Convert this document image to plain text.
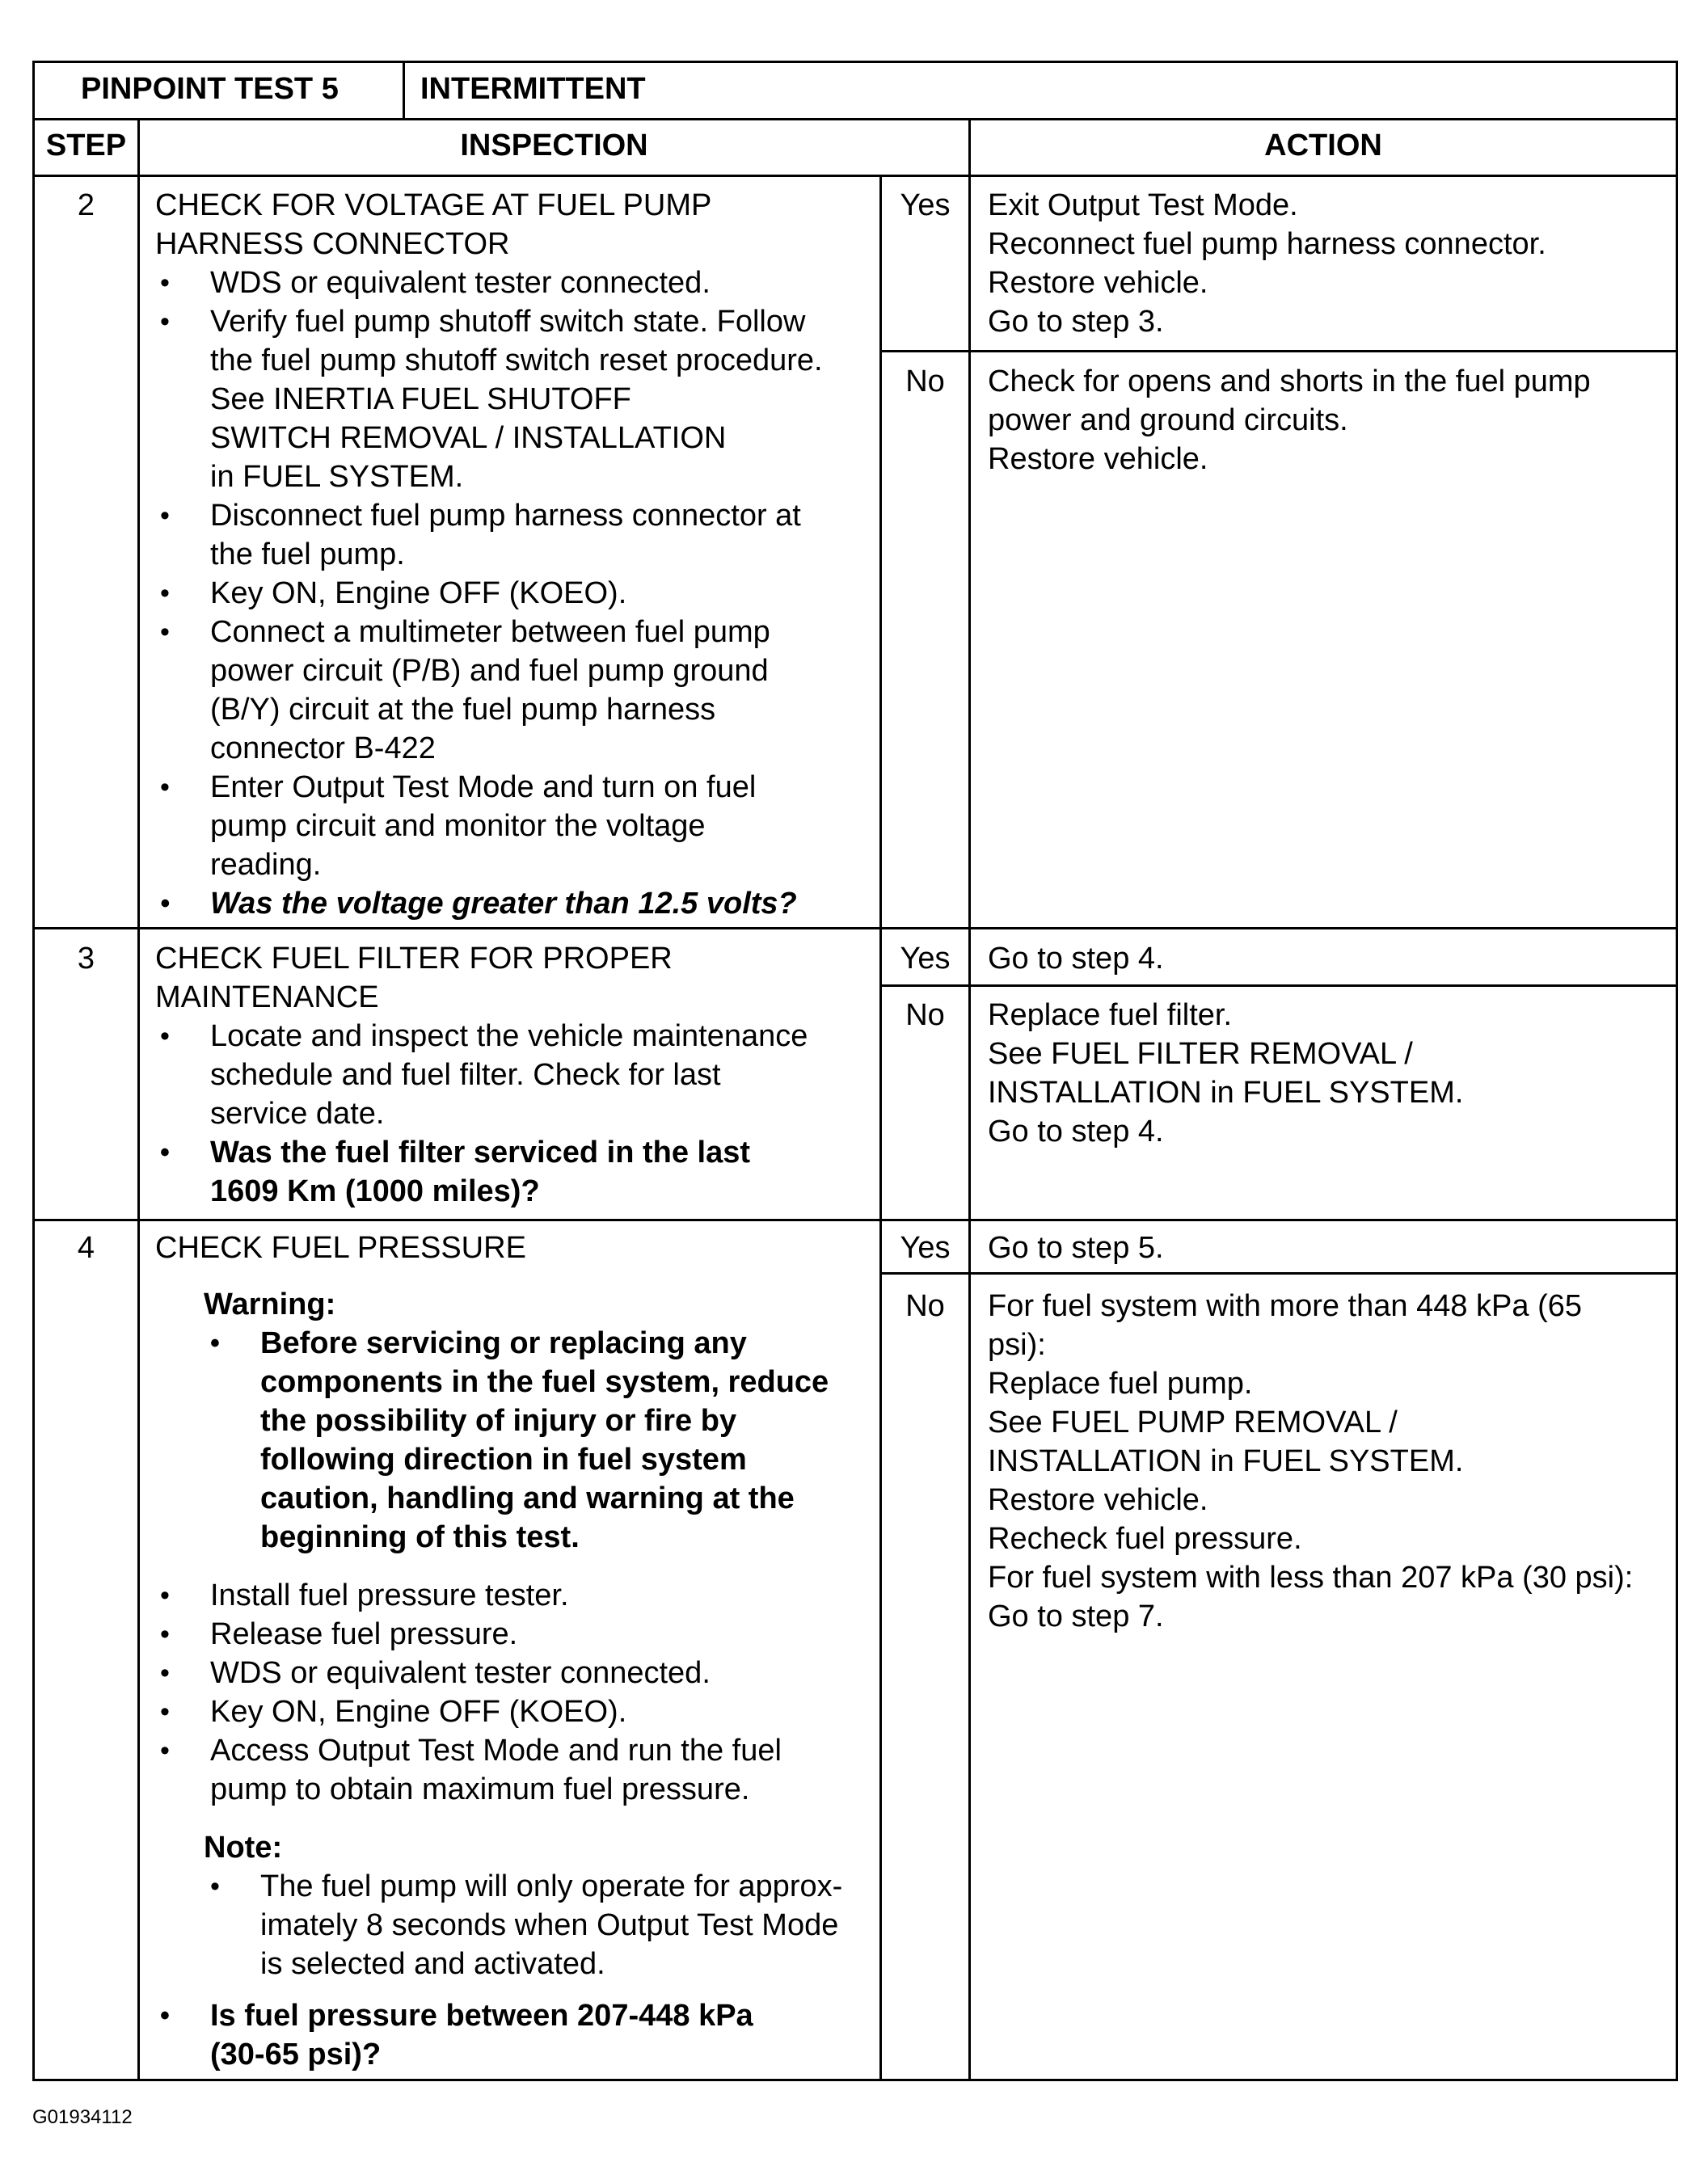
PINPOINT TEST 5	INTERMITTENT
STEP	INSPECTION	ACTION
2	CHECK FOR VOLTAGE AT FUEL PUMP
HARNESS CONNECTOR
• WDS or equivalent tester connected.
• Verify fuel pump shutoff switch state. Follow
the fuel pump shutoff switch reset procedure.
See INERTIA FUEL SHUTOFF
SWITCH REMOVAL / INSTALLATION
in FUEL SYSTEM.
• Disconnect fuel pump harness connector at
the fuel pump.
• Key ON, Engine OFF (KOEO).
• Connect a multimeter between fuel pump
power circuit (P/B) and fuel pump ground
(B/Y) circuit at the fuel pump harness
connector B-422
• Enter Output Test Mode and turn on fuel
pump circuit and monitor the voltage
reading.
• Was the voltage greater than 12.5 volts?
Yes	Exit Output Test Mode.
Reconnect fuel pump harness connector.
Restore vehicle.
Go to step 3.
No	Check for opens and shorts in the fuel pump
power and ground circuits.
Restore vehicle.
3	CHECK FUEL FILTER FOR PROPER
MAINTENANCE
• Locate and inspect the vehicle maintenance
schedule and fuel filter. Check for last
service date.
• Was the fuel filter serviced in the last
1609 Km (1000 miles)?
Yes	Go to step 4.
No	Replace fuel filter.
See FUEL FILTER REMOVAL /
INSTALLATION in FUEL SYSTEM.
Go to step 4.
4	CHECK FUEL PRESSURE
Warning:
• Before servicing or replacing any
components in the fuel system, reduce
the possibility of injury or fire by
following direction in fuel system
caution, handling and warning at the
beginning of this test.
• Install fuel pressure tester.
• Release fuel pressure.
• WDS or equivalent tester connected.
• Key ON, Engine OFF (KOEO).
• Access Output Test Mode and run the fuel
pump to obtain maximum fuel pressure.
Note:
• The fuel pump will only operate for approx-
imately 8 seconds when Output Test Mode
is selected and activated.
• Is fuel pressure between 207-448 kPa
(30-65 psi)?
Yes	Go to step 5.
No	For fuel system with more than 448 kPa (65
psi):
Replace fuel pump.
See FUEL PUMP REMOVAL /
INSTALLATION in FUEL SYSTEM.
Restore vehicle.
Recheck fuel pressure.
For fuel system with less than 207 kPa (30 psi):
Go to step 7.
G01934112
